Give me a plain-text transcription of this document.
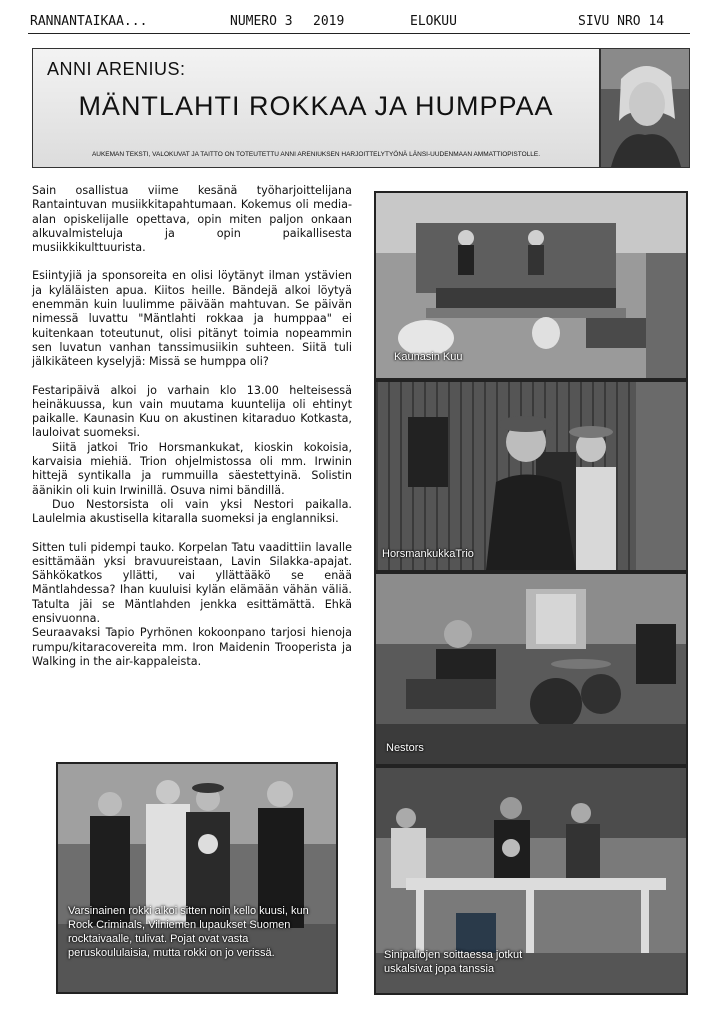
RANNANTAIKAA...	NUMERO 3 2019	ELOKUU	SIVU NRO 14
ANNI ARENIUS:
MÄNTLAHTI ROKKAA JA HUMPPAA
AUKEMAN TEKSTI, VALOKUVAT JA TAITTO ON TOTEUTETTU ANNI ARENIUKSEN HARJOITTELYTYÖNÄ LÄNSI-UUDENMAAN AMMATTIOPISTOLLE.

Sain osallistua viime kesänä työharjoittelijana Rantaintuvan musiikkitapahtumaan. Kokemus oli media-alan opiskelijalle opettava, opin miten paljon onkaan alkuvalmisteluja ja opin paikallisesta musiikkikulttuurista.

Esiintyjiä ja sponsoreita en olisi löytänyt ilman ystävien ja kyläläisten apua. Kiitos heille. Bändejä alkoi löytyä enemmän kuin luulimme päivään mahtuvan. Se päivän nimessä luvattu "Mäntlahti rokkaa ja humppaa" ei kuitenkaan toteutunut, olisi pitänyt toimia nopeammin sen luvatun vanhan tanssimusiikin suhteen. Siitä tuli jälkikäteen kyselyjä: Missä se humppa oli?

Festaripäivä alkoi jo varhain klo 13.00 helteisessä heinäkuussa, kun vain muutama kuuntelija oli ehtinyt paikalle. Kaunasin Kuu on akustinen kitaraduo Kotkasta, lauloivat suomeksi.

Siitä jatkoi Trio Horsmankukat, kioskin kokoisia, karvaisia miehiä. Trion ohjelmistossa oli mm. Irwinin hittejä syntikalla ja rummuilla säestettyinä. Solistin äänikin oli kuin Irwinillä. Osuva nimi bändillä.

Duo Nestorsista oli vain yksi Nestori paikalla. Laulelmia akustisella kitaralla suomeksi ja englanniksi.

Sitten tuli pidempi tauko. Korpelan Tatu vaadittiin lavalle esittämään yksi bravuureistaan, Lavin Silakka-apajat. Sähkökatkos yllätti, vai yllättääkö se enää Mäntlahdessa? Ihan kuuluisi kylän elämään vähän väliä. Tatulta jäi se Mäntlahden jenkka esittämättä. Ehkä ensivuonna.

Seuraavaksi Tapio Pyrhönen kokoonpano tarjosi hienoja rumpu/kitaracovereita mm. Iron Maidenin Trooperista ja Walking in the air-kappaleista.

Kaunasin Kuu
HorsmankukkaTrio
Nestors
Sinipallojen soittaessa jotkut uskalsivat jopa tanssia
Varsinainen rokki alkoi sitten noin kello kuusi, kun Rock Criminals, Vilniemen lupaukset Suomen rocktaivaalle, tulivat. Pojat ovat vasta peruskoululaisia, mutta rokki on jo verissä.
